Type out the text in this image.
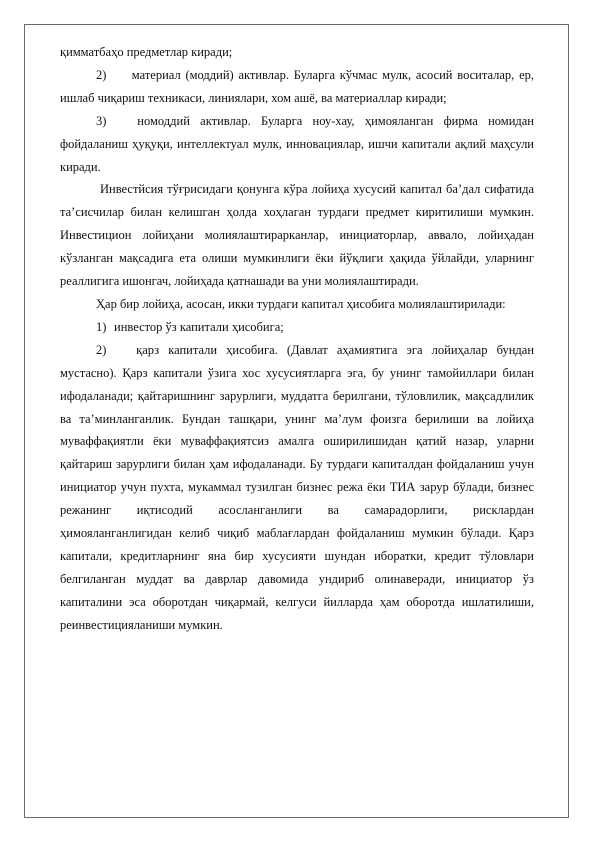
қимматбаҳо предметлар киради;

2) материал (моддий) активлар. Буларга кўчмас мулк, асосий воситалар, ер, ишлаб чиқариш техникаси, линиялари, хом ашё, ва материаллар киради;

3) номоддий активлар. Буларга ноу-хау, ҳимояланган фирма номидан фойдаланиш ҳуқуқи, интеллектуал мулк, инновациялар, ишчи капитали ақлий маҳсули киради.

Инвестйсия тўғрисидаги қонунга кўра лойиҳа хусусий капитал ба’дал сифатида та’сисчилар билан келишган ҳолда хоҳлаган турдаги предмет киритилиши мумкин. Инвестицион лойиҳани молиялаштирарканлар, инициаторлар, аввало, лойиҳадан кўзланган мақсадига ета олиши мумкинлиги ёки йўқлиги ҳақида ўйлайди, уларнинг реаллигига ишонгач, лойиҳада қатнашади ва уни молиялаштиради.

Ҳар бир лойиҳа, асосан, икки турдаги капитал ҳисобига молиялаштирилади:

1) инвестор ўз капитали ҳисобига;

2) қарз капитали ҳисобига. (Давлат аҳамиятига эга лойиҳалар бундан мустасно). Қарз капитали ўзига хос хусусиятларга эга, бу унинг тамойиллари билан ифодаланади; қайтаришнинг зарурлиги, муддатга берилгани, тўловлилик, мақсадлилик ва та’минланганлик. Бундан ташқари, унинг ма’лум фоизга берилиши ва лойиҳа муваффақиятли ёки муваффақиятсиз амалга оширилишидан қатий назар, уларни қайтариш зарурлиги билан ҳам ифодаланади. Бу турдаги капиталдан фойдаланиш учун инициатор учун пухта, мукаммал тузилган бизнес режа ёки ТИА зарур бўлади, бизнес режанинг иқтисодий асосланганлиги ва самарадорлиги, рисклардан ҳимояланганлигидан келиб чиқиб маблағлардан фойдаланиш мумкин бўлади. Қарз капитали, кредитларнинг яна бир хусусияти шундан иборатки, кредит тўловлари белгиланган муддат ва даврлар давомида ундириб олинаверади, инициатор ўз капиталини эса оборотдан чиқармай, келгуси йилларда ҳам оборотда ишлатилиши, реинвестицияланиши мумкин.
